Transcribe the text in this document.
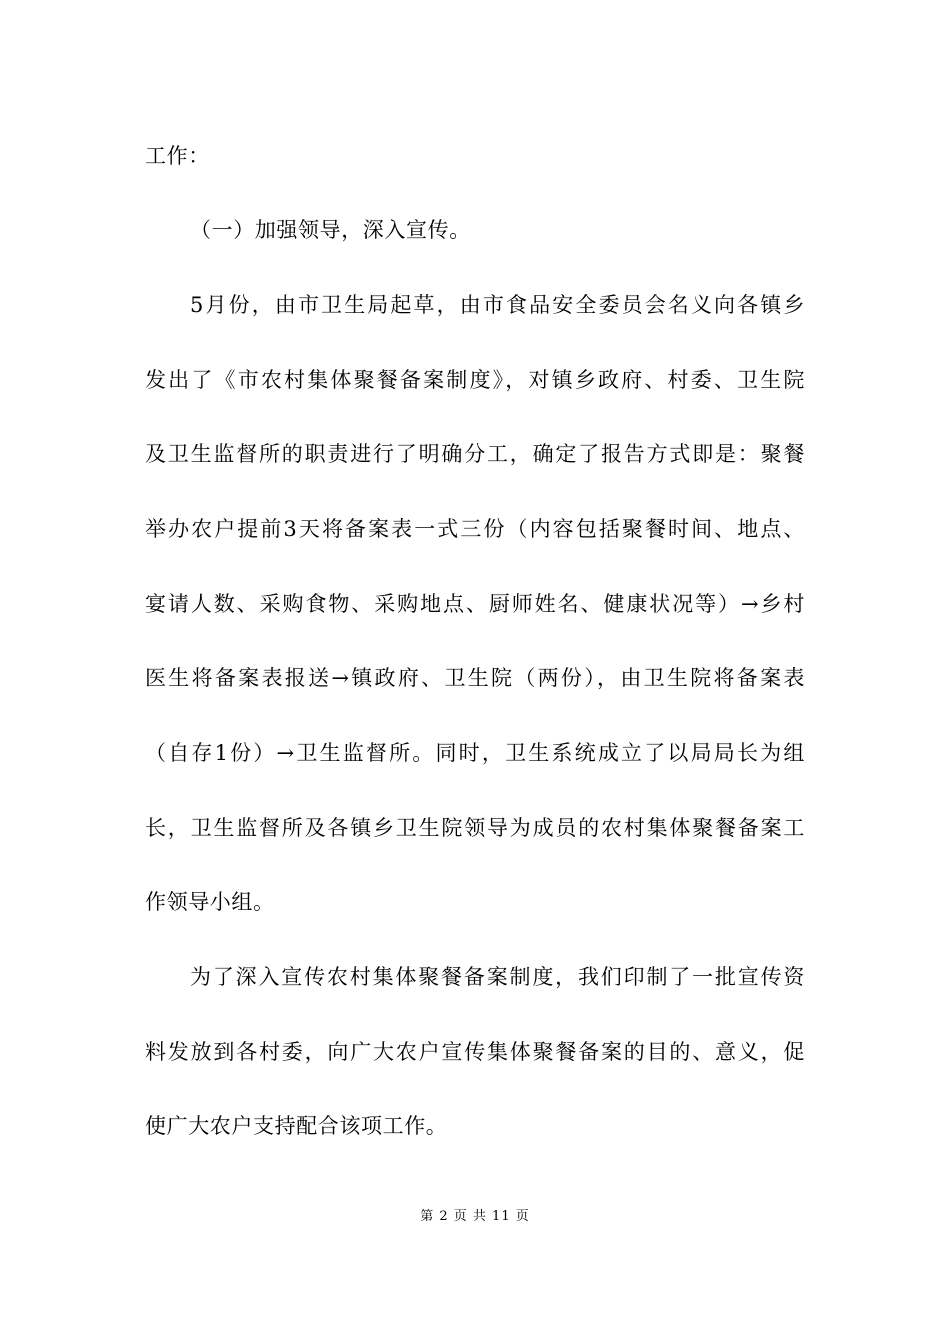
工作：
（一）加强领导，深入宣传。
5月份，由市卫生局起草，由市食品安全委员会名义向各镇乡
发出了《市农村集体聚餐备案制度》，对镇乡政府、村委、卫生院
及卫生监督所的职责进行了明确分工，确定了报告方式即是：聚餐
举办农户提前3天将备案表一式三份（内容包括聚餐时间、地点、
宴请人数、采购食物、采购地点、厨师姓名、健康状况等）→乡村
医生将备案表报送→镇政府、卫生院（两份），由卫生院将备案表
（自存1份）→卫生监督所。同时，卫生系统成立了以局局长为组
长，卫生监督所及各镇乡卫生院领导为成员的农村集体聚餐备案工
作领导小组。
为了深入宣传农村集体聚餐备案制度，我们印制了一批宣传资
料发放到各村委，向广大农户宣传集体聚餐备案的目的、意义，促
使广大农户支持配合该项工作。
第 2 页 共 11 页
